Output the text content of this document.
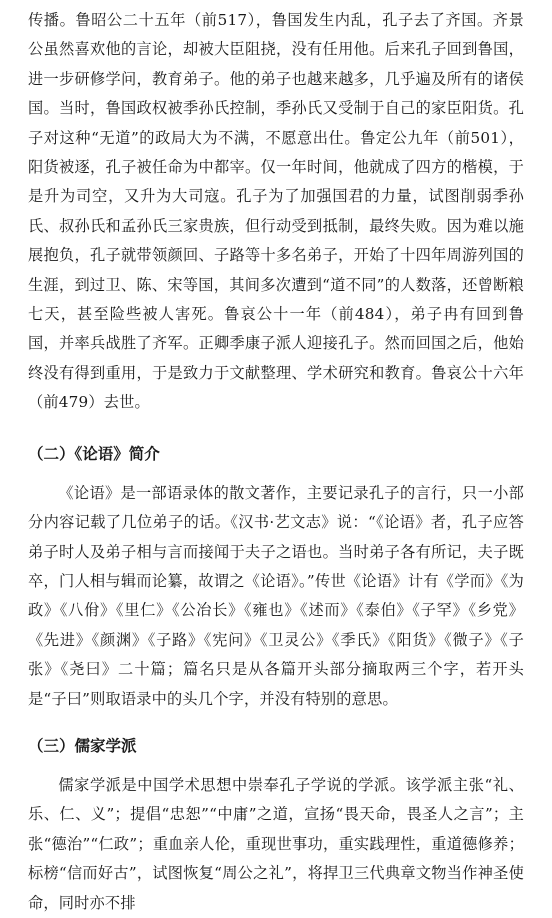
传播。鲁昭公二十五年（前517），鲁国发生内乱，孔子去了齐国。齐景公虽然喜欢他的言论，却被大臣阻挠，没有任用他。后来孔子回到鲁国，进一步研修学问，教育弟子。他的弟子也越来越多，几乎遍及所有的诸侯国。当时，鲁国政权被季孙氏控制，季孙氏又受制于自己的家臣阳货。孔子对这种“无道”的政局大为不满，不愿意出仕。鲁定公九年（前501），阳货被逐，孔子被任命为中都宰。仅一年时间，他就成了四方的楷模，于是升为司空，又升为大司寇。孔子为了加强国君的力量，试图削弱季孙氏、叔孙氏和孟孙氏三家贵族，但行动受到抵制，最终失败。因为难以施展抱负，孔子就带领颜回、子路等十多名弟子，开始了十四年周游列国的生涯，到过卫、陈、宋等国，其间多次遭到“道不同”的人数落，还曾断粮七天，甚至险些被人害死。鲁哀公十一年（前484），弟子冉有回到鲁国，并率兵战胜了齐军。正卿季康子派人迎接孔子。然而回国之后，他始终没有得到重用，于是致力于文献整理、学术研究和教育。鲁哀公十六年（前479）去世。

（二）《论语》简介

《论语》是一部语录体的散文著作，主要记录孔子的言行，只一小部分内容记载了几位弟子的话。《汉书·艺文志》说：“《论语》者，孔子应答弟子时人及弟子相与言而接闻于夫子之语也。当时弟子各有所记，夫子既卒，门人相与辑而论纂，故谓之《论语》。”传世《论语》计有《学而》《为政》《八佾》《里仁》《公冶长》《雍也》《述而》《泰伯》《子罕》《乡党》《先进》《颜渊》《子路》《宪问》《卫灵公》《季氏》《阳货》《微子》《子张》《尧曰》二十篇；篇名只是从各篇开头部分摘取两三个字，若开头是“子曰”则取语录中的头几个字，并没有特别的意思。

（三）儒家学派

儒家学派是中国学术思想中崇奉孔子学说的学派。该学派主张“礼、乐、仁、义”；提倡“忠恕”“中庸”之道，宣扬“畏天命，畏圣人之言”；主张“德治”“仁政”；重血亲人伦，重现世事功，重实践理性，重道德修养；标榜“信而好古”，试图恢复“周公之礼”，将捍卫三代典章文物当作神圣使命，同时亦不排
